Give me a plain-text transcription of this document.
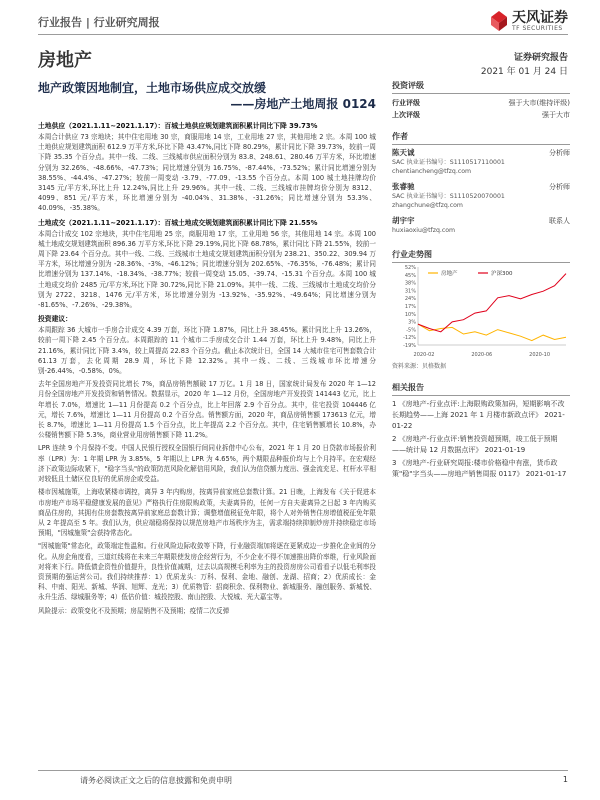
行业报告 | 行业研究周报	天风证券
TF SECURITIES
房地产	证券研究报告
2021 年 01 月 24 日
地产政策因地制宜，土地市场供应成交放缓
——房地产土地周报 0124
土地供应（2021.1.11~2021.1.17）：百城土地供应规划建筑面积累计同比下降 39.73%
本周合计供应 73 宗地块；其中住宅用地 30 宗，商服用地 14 宗，工业用地 27 宗，其他用地 2 宗。本周 100 城土地供应规划建筑面积 612.9 万平方米,环比下降 43.47%,同比下降 80.29%，累计同比下降 39.73%，较前一周下降 35.35 个百分点。其中一线、二线、三线城市供应面积分别为 83.8、248.61、280.46 万平方米，环比增速分别为 32.26%、-48.66%、-47.73%；同比增速分别为 16.75%、-87.44%、-73.52%；累计同比增速分别为 38.55%、-44.4%、-47.27%；较前一周变动 -3.79、-77.09、-13.55 个百分点。本周 100 城土地挂牌均价 3145 元/平方米,环比上升 12.24%,同比上升 29.96%。其中一线、二线、三线城市挂牌均价分别为 8312、4099、851 元/平方米，环比增速分别为 -40.04%、31.38%、-31.26%；同比增速分别为 53.3%、40.09%、-35.38%。
土地成交（2021.1.11~2021.1.17）：百城土地成交规划建筑面积累计同比下降 21.55%
本周合计成交 102 宗地块，其中住宅用地 25 宗，商服用地 17 宗，工业用地 56 宗，其他用地 14 宗。本周 100 城土地成交规划建筑面积 896.36 万平方米,环比下降 29.19%,同比下降 68.78%，累计同比下降 21.55%，较前一周下降 23.64 个百分点。其中一线、二线、三线城市土地成交规划建筑面积分别为 238.21、350.22、309.94 万平方米，环比增速分别为 -28.36%、-3%、-46.12%；同比增速分别为 202.65%、-76.35%、-76.48%；累计同比增速分别为 137.14%、-18.34%、-38.77%；较前一周变动 15.05、-39.74、-15.31 个百分点。本周 100 城土地成交均价 2485 元/平方米,环比下降 30.72%,同比下降 21.09%。其中一线、二线、三线城市土地成交均价分别为 2722、3218、1476 元/平方米，环比增速分别为 -13.92%、-35.92%、-49.64%；同比增速分别为 -81.65%、-7.26%、-29.38%。
投资建议：
本周跟踪 36 大城市一手房合计成交 4.39 万套，环比下降 1.87%，同比上升 38.45%。累计同比上升 13.26%，较前一周下降 2.45 个百分点。本周跟踪的 11 个城市二手房成交合计 1.44 万套，环比上升 9.48%，同比上升 21.16%，累计同比下降 3.4%，较上周提高 22.83 个百分点。截止本次统计日，全国 14 大城市住宅可售套数合计 61.13 万套，去化周期 28.9 周，环比下降 12.32%。其中一线、二线、三线城市环比增速分别-26.44%、-0.58%、0%。
去年全国房地产开发投资同比增长 7%，商品房销售额破 17 万亿。1 月 18 日，国家统计局发布 2020 年 1—12 月份全国房地产开发投资和销售情况。数据显示，2020 年 1—12 月份，全国房地产开发投资 141443 亿元，比上年增长 7.0%，增速比 1—11 月份提高 0.2 个百分点，比上年回落 2.9 个百分点。其中，住宅投资 104446 亿元，增长 7.6%，增速比 1—11 月份提高 0.2 个百分点。销售额方面，2020 年，商品房销售额 173613 亿元，增长 8.7%，增速比 1—11 月份提高 1.5 个百分点，比上年提高 2.2 个百分点。其中，住宅销售额增长 10.8%，办公楼销售额下降 5.3%，商业营业用房销售额下降 11.2%。
LPR 连续 9 个月保持不变。中国人民银行授权全国银行间同业拆借中心公布，2021 年 1 月 20 日贷款市场报价利率（LPR）为：1 年期 LPR 为 3.85%，5 年期以上 LPR 为 4.65%，两个期限品种报价均与上个月持平。在宏观经济下政策边际收紧下，"稳字当头"的政策防范风险化解信用风险，我们认为信贷额力度出、强金流充足、杠杆水平相对较低且土储区位良好的优质房企或受益。
楼市因城施策，上海收紧楼市调控，离异 3 年内购房，按离异前家庭总套数计算。21 日晚，上海发布《关于促进本市房地产市场平稳健康发展的意见》严格执行住房限购政策，夫妻离异的，任何一方自夫妻离异之日起 3 年内购买商品住房的，其拥有住房套数按离异前家庭总套数计算；调整增值税征免年限，将个人对外销售住房增值税征免年限从 2 年提高至 5 年。我们认为，供应端稳将保持以规范房地产市场秩序为主，需求端持续抑制炒房并持续稳定市场预期，"因城施策"会获持常态化。
"因城施策"常态化，政策端定性温和。行业风险边际收敛等下降，行业融资端加将逐在更紧成边一步推化企业间的分化。从房企角度看，三道红线将在未来三年期限使发房企经营行为，不少企业不得不加速推出降价率维，行业风险面对将来下行。降低债企资性价值提升，良性价值减期，过去以高规模毛利率为主的投资房房公司看看子以低毛利率投资预期的强运营公司。我们持续推荐：1）优质龙头：万科、保利、金地、融创、龙湖、招商；2）优质成长：金科、中南、阳光、新城、华润、旭辉、龙光；3）优质物管：招商积余、保利物业、新城服务、融创服务、新城悦、永升生活、绿城服务等；4）低估价值：城投控股、南山控股、大悦城、光大嘉宝等。
风险提示：政策变化不及预期；房屋销售不及预期；疫情二次反弹
投资评级
行业评级	强于大市(维持评级)
上次评级	强于大市
作者
陈天诚	分析师
SAC 执业证书编号：S1110517110001
chentiancheng@tfzq.com
张睿驰	分析师
SAC 执业证书编号：S1110520070001
zhangchune@tfzq.com
胡宇宇	联系人
huxiaoxiu@tfzq.com
行业走势图
52%
45%
38%
31%
24%
17%
10%
3%
-5%
-12%
-19%
2020-02	2020-06	2020-10
房地产	沪深300
资料来源：贝格数据
相关报告
1 《房地产-行业点评:上海限购政策加码，短期影响不改长期趋势——上海 2021 年 1 月楼市新政点评》 2021-01-22
2 《房地产-行业点评:销售投资超预期，竣工低于预期——统计局 12 月数据点评》 2021-01-19
3 《房地产-行业研究周报:楼市价格稳中有涨，货币政策"稳"字当头——房地产销售周报 0117》 2021-01-17
请务必阅读正文之后的信息披露和免责申明	1
